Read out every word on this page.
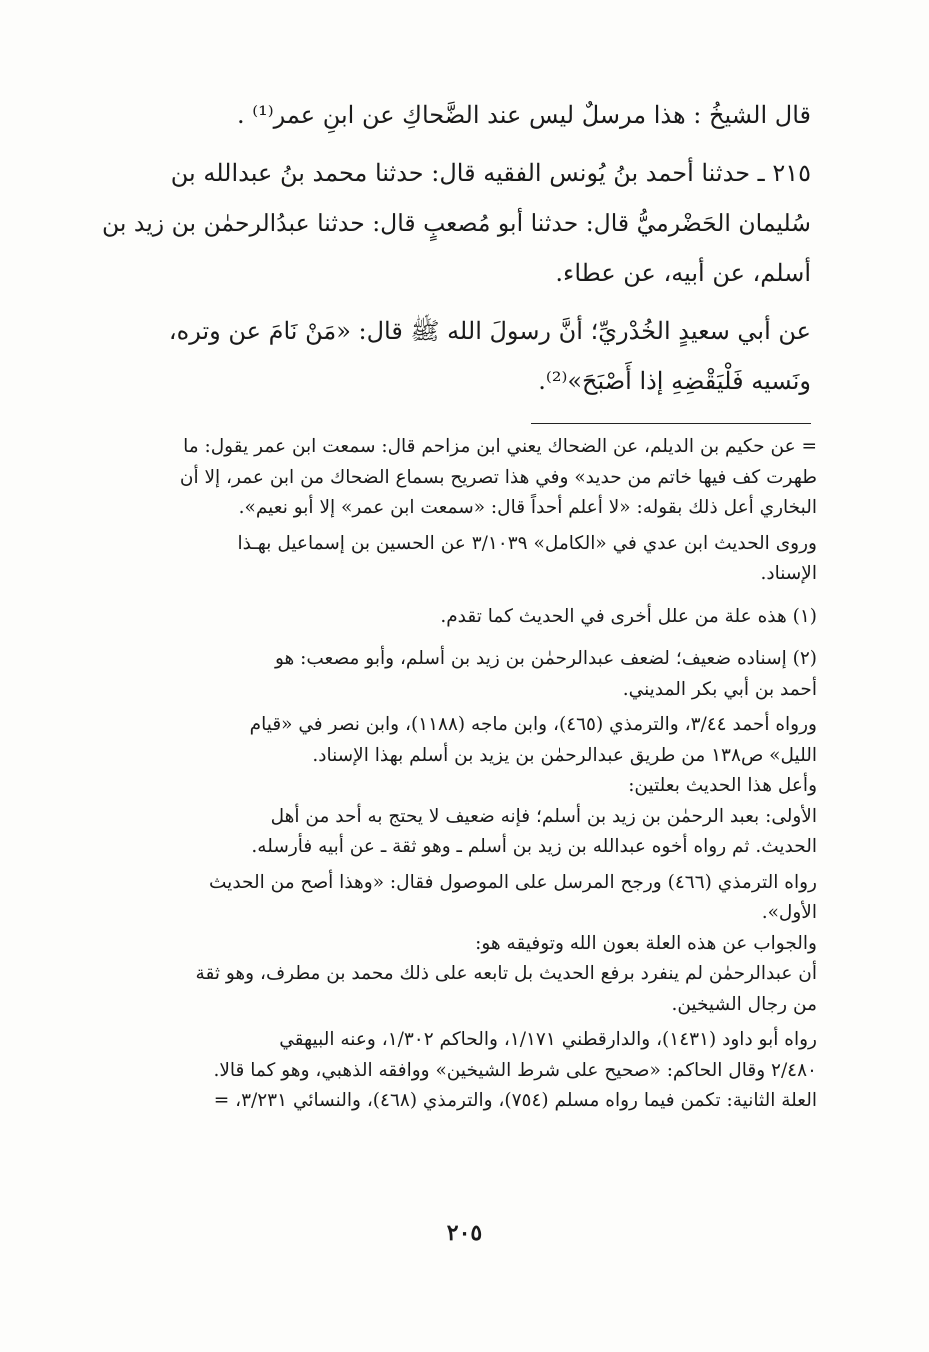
قال الشيخُ : هذا مرسلٌ ليس عند الضَّحاكِ عن ابنِ عمر⁽¹⁾ .

٢١٥ ـ حدثنا أحمد بنُ يُونس الفقيه قال: حدثنا محمد بنُ عبدالله بن

سُليمان الحَضْرميُّ قال: حدثنا أبو مُصعبٍ قال: حدثنا عبدُالرحمٰن بن زيد بن

أسلم، عن أبيه، عن عطاء.

عن أبي سعيدٍ الخُدْريِّ؛ أنَّ رسولَ الله ﷺ قال: «مَنْ نَامَ عن وتره،

ونَسيه فَلْيَقْضِهِ إذا أَصْبَحَ»⁽²⁾.

= عن حكيم بن الديلم، عن الضحاك يعني ابن مزاحم قال: سمعت ابن عمر يقول: ما

طهرت كف فيها خاتم من حديد» وفي هذا تصريح بسماع الضحاك من ابن عمر، إلا أن

البخاري أعل ذلك بقوله: «لا أعلم أحداً قال: «سمعت ابن عمر» إلا أبو نعيم».

وروى الحديث ابن عدي في «الكامل» ٣/١٠٣٩ عن الحسين بن إسماعيل بهـذا

الإسناد.

(١) هذه علة من علل أخرى في الحديث كما تقدم.

(٢) إسناده ضعيف؛ لضعف عبدالرحمٰن بن زيد بن أسلم، وأبو مصعب: هو

أحمد بن أبي بكر المديني.

ورواه أحمد ٣/٤٤، والترمذي (٤٦٥)، وابن ماجه (١١٨٨)، وابن نصر في «قيام

الليل» ص١٣٨ من طريق عبدالرحمٰن بن يزيد بن أسلم بهذا الإسناد.

وأعل هذا الحديث بعلتين:

الأولى: بعبد الرحمٰن بن زيد بن أسلم؛ فإنه ضعيف لا يحتج به أحد من أهل

الحديث. ثم رواه أخوه عبدالله بن زيد بن أسلم ـ وهو ثقة ـ عن أبيه فأرسله.

رواه الترمذي (٤٦٦) ورجح المرسل على الموصول فقال: «وهذا أصح من الحديث

الأول».

والجواب عن هذه العلة بعون الله وتوفيقه هو:

أن عبدالرحمٰن لم ينفرد برفع الحديث بل تابعه على ذلك محمد بن مطرف، وهو ثقة

من رجال الشيخين.

رواه أبو داود (١٤٣١)، والدارقطني ١/١٧١، والحاكم ١/٣٠٢، وعنه البيهقي

٢/٤٨٠ وقال الحاكم: «صحيح على شرط الشيخين» ووافقه الذهبي، وهو كما قالا.

العلة الثانية: تكمن فيما رواه مسلم (٧٥٤)، والترمذي (٤٦٨)، والنسائي ٣/٢٣١، =

٢٠٥
